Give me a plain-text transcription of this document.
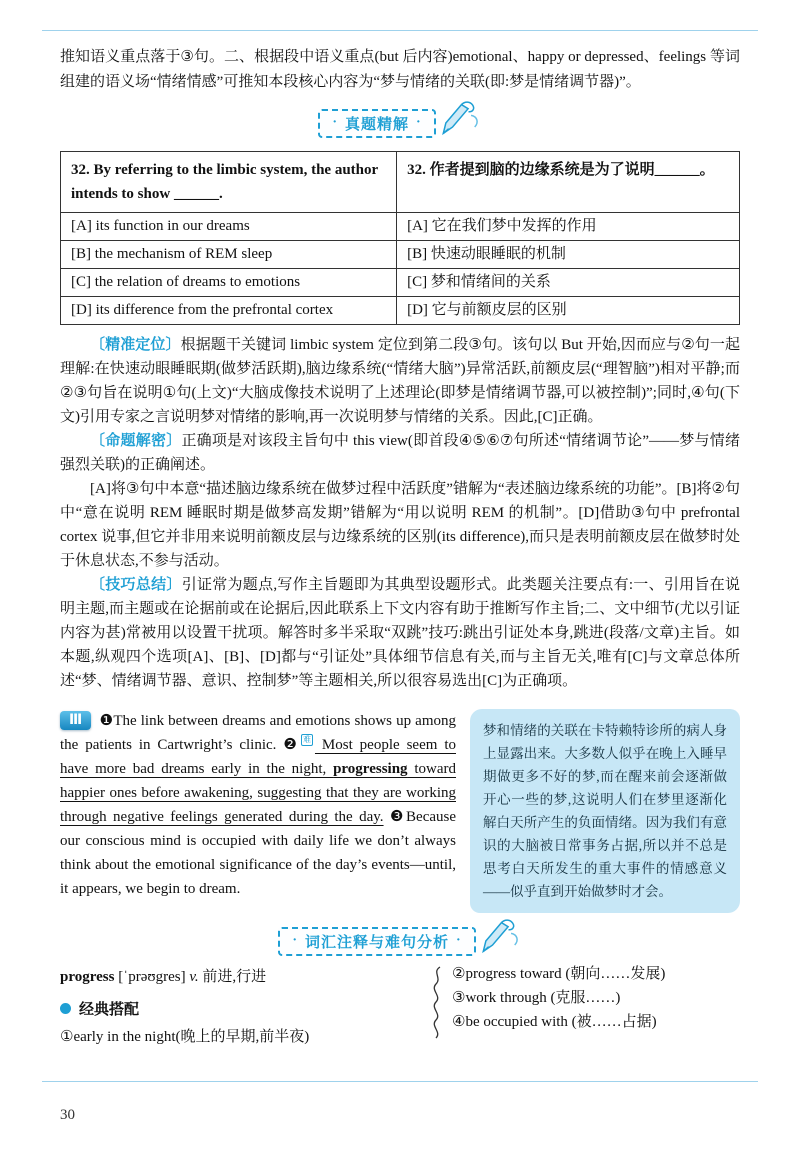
推知语义重点落于③句。二、根据段中语义重点(but 后内容)emotional、happy or depressed、feelings 等词组建的语义场“情绪情感”可推知本段核心内容为“梦与情绪的关联(即:梦是情绪调节器)”。

· 真题精解 ·
32. By referring to the limbic system, the author intends to show ______.	32. 作者提到脑的边缘系统是为了说明______。
[A] its function in our dreams	[A] 它在我们梦中发挥的作用
[B] the mechanism of REM sleep	[B] 快速动眼睡眠的机制
[C] the relation of dreams to emotions	[C] 梦和情绪间的关系
[D] its difference from the prefrontal cortex	[D] 它与前额皮层的区别

〔精准定位〕根据题干关键词 limbic system 定位到第二段③句。该句以 But 开始,因而应与②句一起理解:在快速动眼睡眠期(做梦活跃期),脑边缘系统(“情绪大脑”)异常活跃,前额皮层(“理智脑”)相对平静;而②③句旨在说明①句(上文)“大脑成像技术说明了上述理论(即梦是情绪调节器,可以被控制)”;同时,④句(下文)引用专家之言说明梦对情绪的影响,再一次说明梦与情绪的关系。因此,[C]正确。

〔命题解密〕正确项是对该段主旨句中 this view(即首段④⑤⑥⑦句所述“情绪调节论”——梦与情绪强烈关联)的正确阐述。

[A]将③句中本意“描述脑边缘系统在做梦过程中活跃度”错解为“表述脑边缘系统的功能”。[B]将②句中“意在说明 REM 睡眠时期是做梦高发期”错解为“用以说明 REM 的机制”。[D]借助③句中 prefrontal cortex 说事,但它并非用来说明前额皮层与边缘系统的区别(its difference),而只是表明前额皮层在做梦时处于休息状态,不参与活动。

〔技巧总结〕引证常为题点,写作主旨题即为其典型设题形式。此类题关注要点有:一、引用旨在说明主题,而主题或在论据前或在论据后,因此联系上下文内容有助于推断写作主旨;二、文中细节(尤以引证内容为甚)常被用以设置干扰项。解答时多半采取“双跳”技巧:跳出引证处本身,跳进(段落/文章)主旨。如本题,纵观四个选项[A]、[B]、[D]都与“引证处”具体细节信息有关,而与主旨无关,唯有[C]与文章总体所述“梦、情绪调节器、意识、控制梦”等主题相关,所以很容易选出[C]为正确项。

Ⅲ ❶The link between dreams and emotions shows up among the patients in Cartwright’s clinic. ❷ 难 Most people seem to have more bad dreams early in the night, progressing toward happier ones before awakening, suggesting that they are working through negative feelings generated during the day. ❸Because our conscious mind is occupied with daily life we don’t always think about the emotional significance of the day’s events—until, it appears, we begin to dream.
梦和情绪的关联在卡特赖特诊所的病人身上显露出来。大多数人似乎在晚上入睡早期做更多不好的梦,而在醒来前会逐渐做开心一些的梦,这说明人们在梦里逐渐化解白天所产生的负面情绪。因为我们有意识的大脑被日常事务占据,所以并不总是思考白天所发生的重大事件的情感意义——似乎直到开始做梦时才会。
· 词汇注释与难句分析 ·
progress [ˈprəʊgres] v. 前进,行进
经典搭配
①early in the night(晚上的早期,前半夜)
②progress toward (朝向……发展)
③work through (克服……)
④be occupied with (被……占据)
30
